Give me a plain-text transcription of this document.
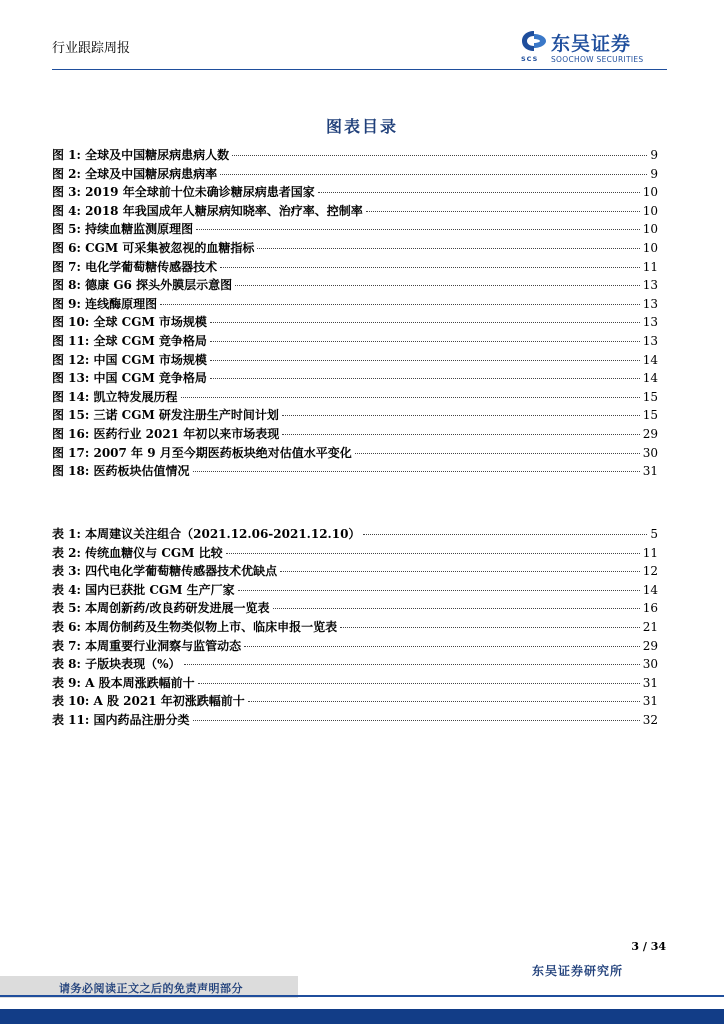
行业跟踪周报	东吴证券
SCS SOOCHOW SECURITIES
图表目录
图 1: 全球及中国糖尿病患病人数	9
图 2: 全球及中国糖尿病患病率	9
图 3: 2019 年全球前十位未确诊糖尿病患者国家	10
图 4: 2018 年我国成年人糖尿病知晓率、治疗率、控制率	10
图 5: 持续血糖监测原理图	10
图 6: CGM 可采集被忽视的血糖指标	10
图 7: 电化学葡萄糖传感器技术	11
图 8: 德康 G6 探头外膜层示意图	13
图 9: 连线酶原理图	13
图 10: 全球 CGM 市场规模	13
图 11: 全球 CGM 竞争格局	13
图 12: 中国 CGM 市场规模	14
图 13: 中国 CGM 竞争格局	14
图 14: 凯立特发展历程	15
图 15: 三诺 CGM 研发注册生产时间计划	15
图 16: 医药行业 2021 年初以来市场表现	29
图 17: 2007 年 9 月至今期医药板块绝对估值水平变化	30
图 18: 医药板块估值情况	31
表 1: 本周建议关注组合（2021.12.06-2021.12.10）	5
表 2: 传统血糖仪与 CGM 比较	11
表 3: 四代电化学葡萄糖传感器技术优缺点	12
表 4: 国内已获批 CGM 生产厂家	14
表 5: 本周创新药/改良药研发进展一览表	16
表 6: 本周仿制药及生物类似物上市、临床申报一览表	21
表 7: 本周重要行业洞察与监管动态	29
表 8: 子版块表现（%）	30
表 9: A 股本周涨跌幅前十	31
表 10: A 股 2021 年初涨跌幅前十	31
表 11: 国内药品注册分类	32
3 / 34
东吴证券研究所
请务必阅读正文之后的免责声明部分
